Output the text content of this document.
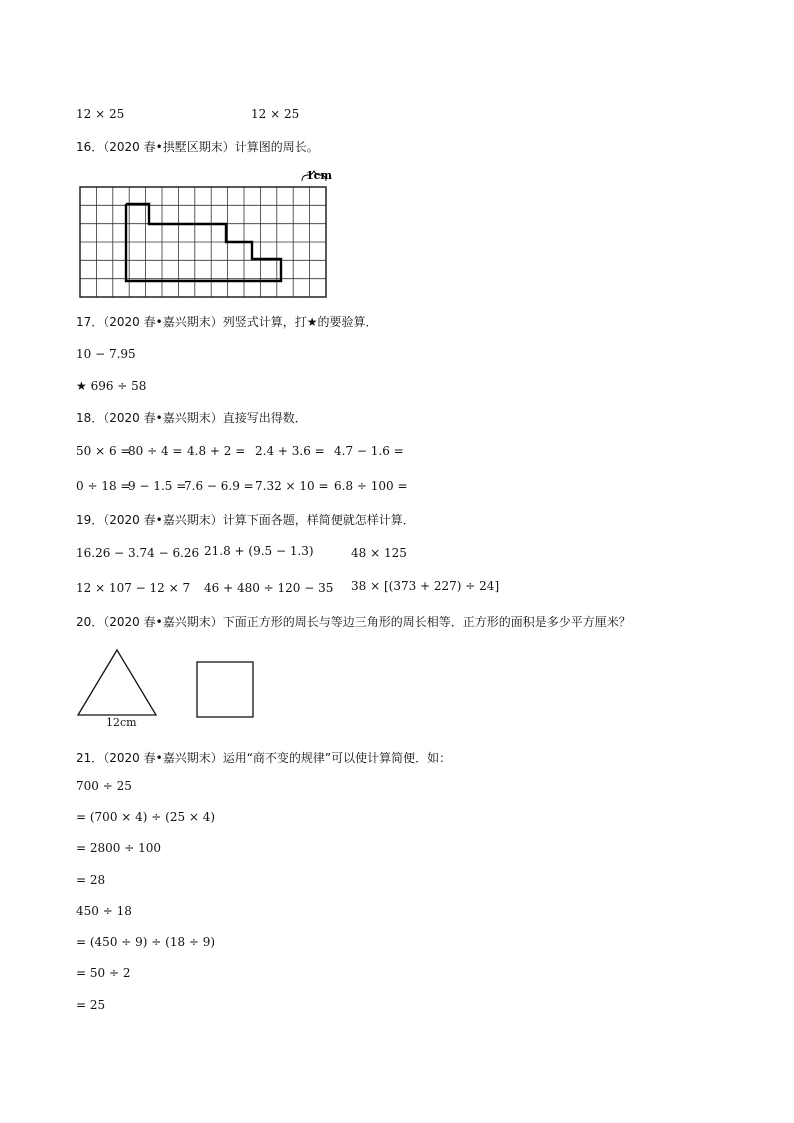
12 × 25	12 × 25
16．（2020 春•拱墅区期末）计算图的周长。
1cm
17．（2020 春•嘉兴期末）列竖式计算，打★的要验算．
10 − 7.95
★ 696 ÷ 58
18．（2020 春•嘉兴期末）直接写出得数．
50 × 6 =
80 ÷ 4 = 4.8 + 2 = 2.4 + 3.6 = 4.7 − 1.6 =
0 ÷ 18 =
9 − 1.5 =
7.6 − 6.9 = 7.32 × 10 = 6.8 ÷ 100 =
19．（2020 春•嘉兴期末）计算下面各题，样简便就怎样计算．
16.26 − 3.74 − 6.26 21.8 + (9.5 − 1.3)	48 × 125
12 × 107 − 12 × 7 46 + 480 ÷ 120 − 35 38 × [(373 + 227) ÷ 24]
20．（2020 春•嘉兴期末）下面正方形的周长与等边三角形的周长相等．正方形的面积是多少平方厘米？
12cm
21．（2020 春•嘉兴期末）运用“商不变的规律”可以使计算简便．如：
700 ÷ 25
= (700 × 4) ÷ (25 × 4)
= 2800 ÷ 100
= 28
450 ÷ 18
= (450 ÷ 9) ÷ (18 ÷ 9)
= 50 ÷ 2
= 25
